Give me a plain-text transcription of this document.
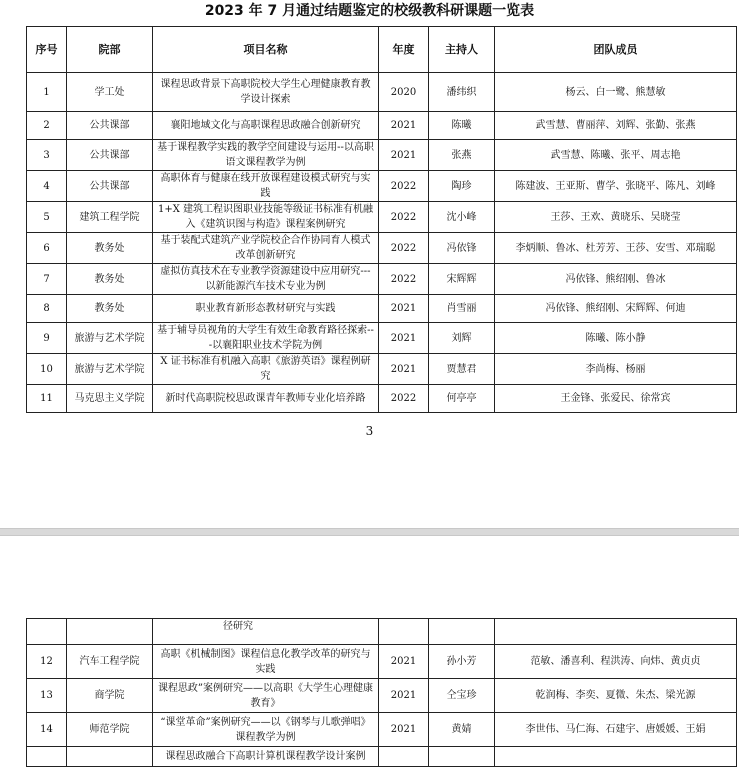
2023 年 7 月通过结题鉴定的校级教科研课题一览表
序号	院部	项目名称	年度	主持人	团队成员
1	学工处	课程思政背景下高职院校大学生心理健康教育教学设计探索	2020	潘纬织	杨云、白一鹭、熊慧敏
2	公共课部	襄阳地域文化与高职课程思政融合创新研究	2021	陈曦	武雪慧、曹丽萍、刘辉、张勤、张燕
3	公共课部	基于课程教学实践的教学空间建设与运用--以高职语文课程教学为例	2021	张燕	武雪慧、陈曦、张平、周志艳
4	公共课部	高职体育与健康在线开放课程建设模式研究与实践	2022	陶珍	陈建波、王亚斯、曹学、张晓平、陈凡、刘峰
5	建筑工程学院	1+X 建筑工程识图职业技能等级证书标准有机融入《建筑识图与构造》课程案例研究	2022	沈小峰	王莎、王欢、黄晓乐、吴晓莹
6	教务处	基于装配式建筑产业学院校企合作协同育人模式改革创新研究	2022	冯依锋	李炳顺、鲁冰、杜芳芳、王莎、安雪、邓瑞聪
7	教务处	虚拟仿真技术在专业教学资源建设中应用研究---以新能源汽车技术专业为例	2022	宋辉辉	冯依锋、熊绍刚、鲁冰
8	教务处	职业教育新形态教材研究与实践	2021	肖雪丽	冯依锋、熊绍刚、宋辉辉、何迪
9	旅游与艺术学院	基于辅导员视角的大学生有效生命教育路径探索---以襄阳职业技术学院为例	2021	刘辉	陈曦、陈小静
10	旅游与艺术学院	X 证书标准有机融入高职《旅游英语》课程例研究	2021	贾慧君	李尚梅、杨丽
11	马克思主义学院	新时代高职院校思政课青年教师专业化培养路	2022	何亭亭	王金锋、张爱民、徐常宾
3
		径研究			
12	汽车工程学院	高职《机械制图》课程信息化教学改革的研究与实践	2021	孙小芳	范敏、潘喜利、程洪涛、向炜、黄贞贞
13	商学院	课程思政”案例研究——以高职《大学生心理健康教育》	2021	仝宝珍	乾润梅、李奕、夏微、朱杰、梁光源
14	师范学院	“课堂革命”案例研究——以《钢琴与儿歌弹唱》课程教学为例	2021	黄婧	李世伟、马仁海、石建宇、唐媛媛、王娟
		课程思政融合下高职计算机课程教学设计案例			
